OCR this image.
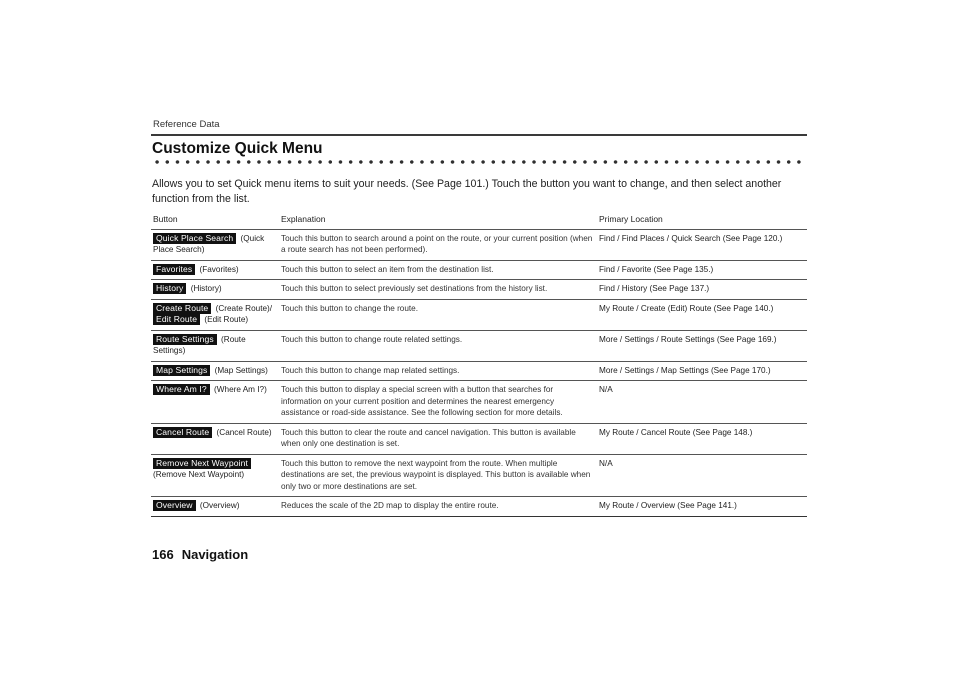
Reference Data
Customize Quick Menu

Allows you to set Quick menu items to suit your needs. (See Page 101.) Touch the button you want to change, and then select another function from the list.

Button	Explanation	Primary Location
Quick Place Search (Quick Place Search)	Touch this button to search around a point on the route, or your current position (when a route search has not been performed).	Find / Find Places / Quick Search (See Page 120.)
Favorites (Favorites)	Touch this button to select an item from the destination list.	Find / Favorite (See Page 135.)
History (History)	Touch this button to select previously set destinations from the history list.	Find / History (See Page 137.)
Create Route (Create Route)/Edit Route (Edit Route)	Touch this button to change the route.	My Route / Create (Edit) Route (See Page 140.)
Route Settings (Route Settings)	Touch this button to change route related settings.	More / Settings / Route Settings (See Page 169.)
Map Settings (Map Settings)	Touch this button to change map related settings.	More / Settings / Map Settings (See Page 170.)
Where Am I? (Where Am I?)	Touch this button to display a special screen with a button that searches for information on your current position and determines the nearest emergency assistance or road-side assistance. See the following section for more details.	N/A
Cancel Route (Cancel Route)	Touch this button to clear the route and cancel navigation. This button is available when only one destination is set.	My Route / Cancel Route (See Page 148.)
Remove Next Waypoint (Remove Next Waypoint)	Touch this button to remove the next waypoint from the route. When multiple destinations are set, the previous waypoint is displayed. This button is available when only two or more destinations are set.	N/A
Overview (Overview)	Reduces the scale of the 2D map to display the entire route.	My Route / Overview (See Page 141.)
166 Navigation
